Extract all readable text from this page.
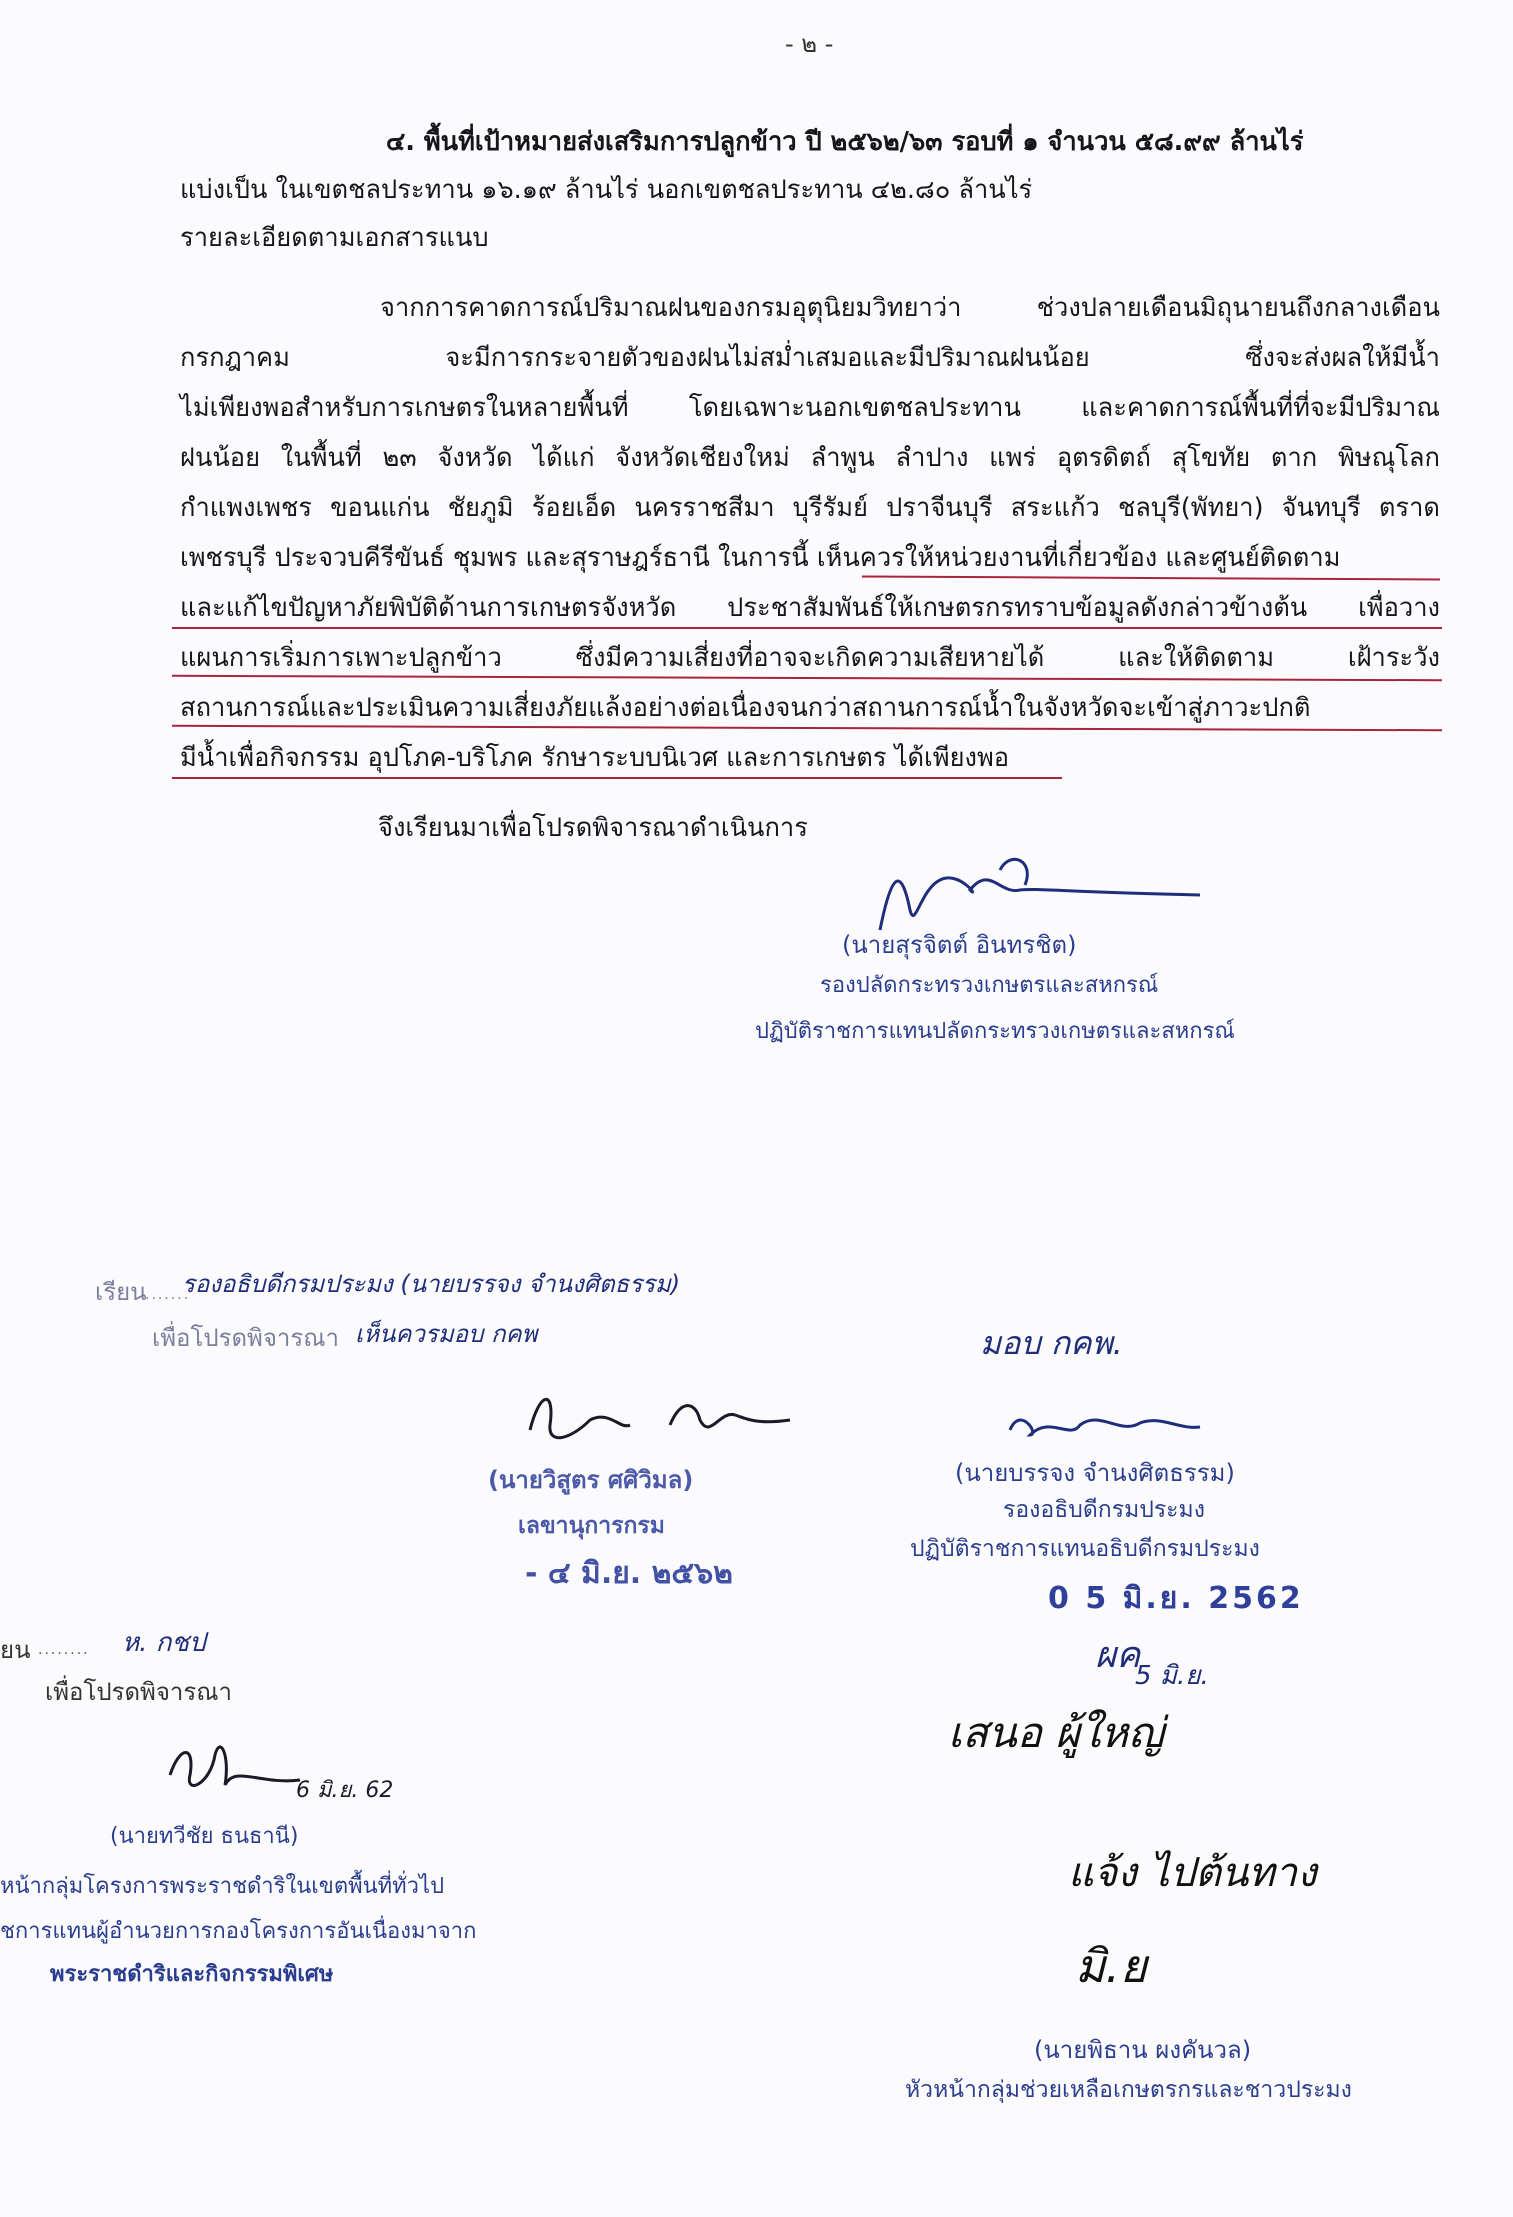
- ๒ -
๔. พื้นที่เป้าหมายส่งเสริมการปลูกข้าว ปี ๒๕๖๒/๖๓ รอบที่ ๑ จำนวน ๕๘.๙๙ ล้านไร่
แบ่งเป็น ในเขตชลประทาน ๑๖.๑๙ ล้านไร่ นอกเขตชลประทาน ๔๒.๘๐ ล้านไร่
รายละเอียดตามเอกสารแนบ
จากการคาดการณ์ปริมาณฝนของกรมอุตุนิยมวิทยาว่า ช่วงปลายเดือนมิถุนายนถึงกลางเดือน
กรกฎาคม จะมีการกระจายตัวของฝนไม่สม่ำเสมอและมีปริมาณฝนน้อย ซึ่งจะส่งผลให้มีน้ำ
ไม่เพียงพอสำหรับการเกษตรในหลายพื้นที่ โดยเฉพาะนอกเขตชลประทาน และคาดการณ์พื้นที่ที่จะมีปริมาณ
ฝนน้อย ในพื้นที่ ๒๓ จังหวัด ได้แก่ จังหวัดเชียงใหม่ ลำพูน ลำปาง แพร่ อุตรดิตถ์ สุโขทัย ตาก พิษณุโลก
กำแพงเพชร ขอนแก่น ชัยภูมิ ร้อยเอ็ด นครราชสีมา บุรีรัมย์ ปราจีนบุรี สระแก้ว ชลบุรี(พัทยา) จันทบุรี ตราด
เพชรบุรี ประจวบคีรีขันธ์ ชุมพร และสุราษฎร์ธานี ในการนี้ เห็นควรให้หน่วยงานที่เกี่ยวข้อง และศูนย์ติดตาม
และแก้ไขปัญหาภัยพิบัติด้านการเกษตรจังหวัด ประชาสัมพันธ์ให้เกษตรกรทราบข้อมูลดังกล่าวข้างต้น เพื่อวาง
แผนการเริ่มการเพาะปลูกข้าว ซึ่งมีความเสี่ยงที่อาจจะเกิดความเสียหายได้ และให้ติดตาม เฝ้าระวัง
สถานการณ์และประเมินความเสี่ยงภัยแล้งอย่างต่อเนื่องจนกว่าสถานการณ์น้ำในจังหวัดจะเข้าสู่ภาวะปกติ
มีน้ำเพื่อกิจกรรม อุปโภค-บริโภค รักษาระบบนิเวศ และการเกษตร ได้เพียงพอ
จึงเรียนมาเพื่อโปรดพิจารณาดำเนินการ
(นายสุรจิตต์ อินทรชิต)
รองปลัดกระทรวงเกษตรและสหกรณ์
ปฏิบัติราชการแทนปลัดกระทรวงเกษตรและสหกรณ์
เรียน
.......
รองอธิบดีกรมประมง (นายบรรจง จำนงศิตธรรม)
เพื่อโปรดพิจารณา เห็นควรมอบ กคพ
(นายวิสูตร ศศิวิมล)
เลขานุการกรม
- ๔ มิ.ย. ๒๕๖๒
มอบ กคพ.
(นายบรรจง จำนงศิตธรรม)
รองอธิบดีกรมประมง
ปฏิบัติราชการแทนอธิบดีกรมประมง
0 5 มิ.ย. 2562
ผค
5 มิ.ย.
เสนอ ผู้ใหญ่
แจ้ง ไปต้นทาง
มิ.ย
(นายพิธาน ผงคันวล)
หัวหน้ากลุ่มช่วยเหลือเกษตรกรและชาวประมง
ยน ........ ห. กชป
เพื่อโปรดพิจารณา
6 มิ.ย. 62
(นายทวีชัย ธนธานี)
หน้ากลุ่มโครงการพระราชดำริในเขตพื้นที่ทั่วไป
ชการแทนผู้อำนวยการกองโครงการอันเนื่องมาจาก
พระราชดำริและกิจกรรมพิเศษ
